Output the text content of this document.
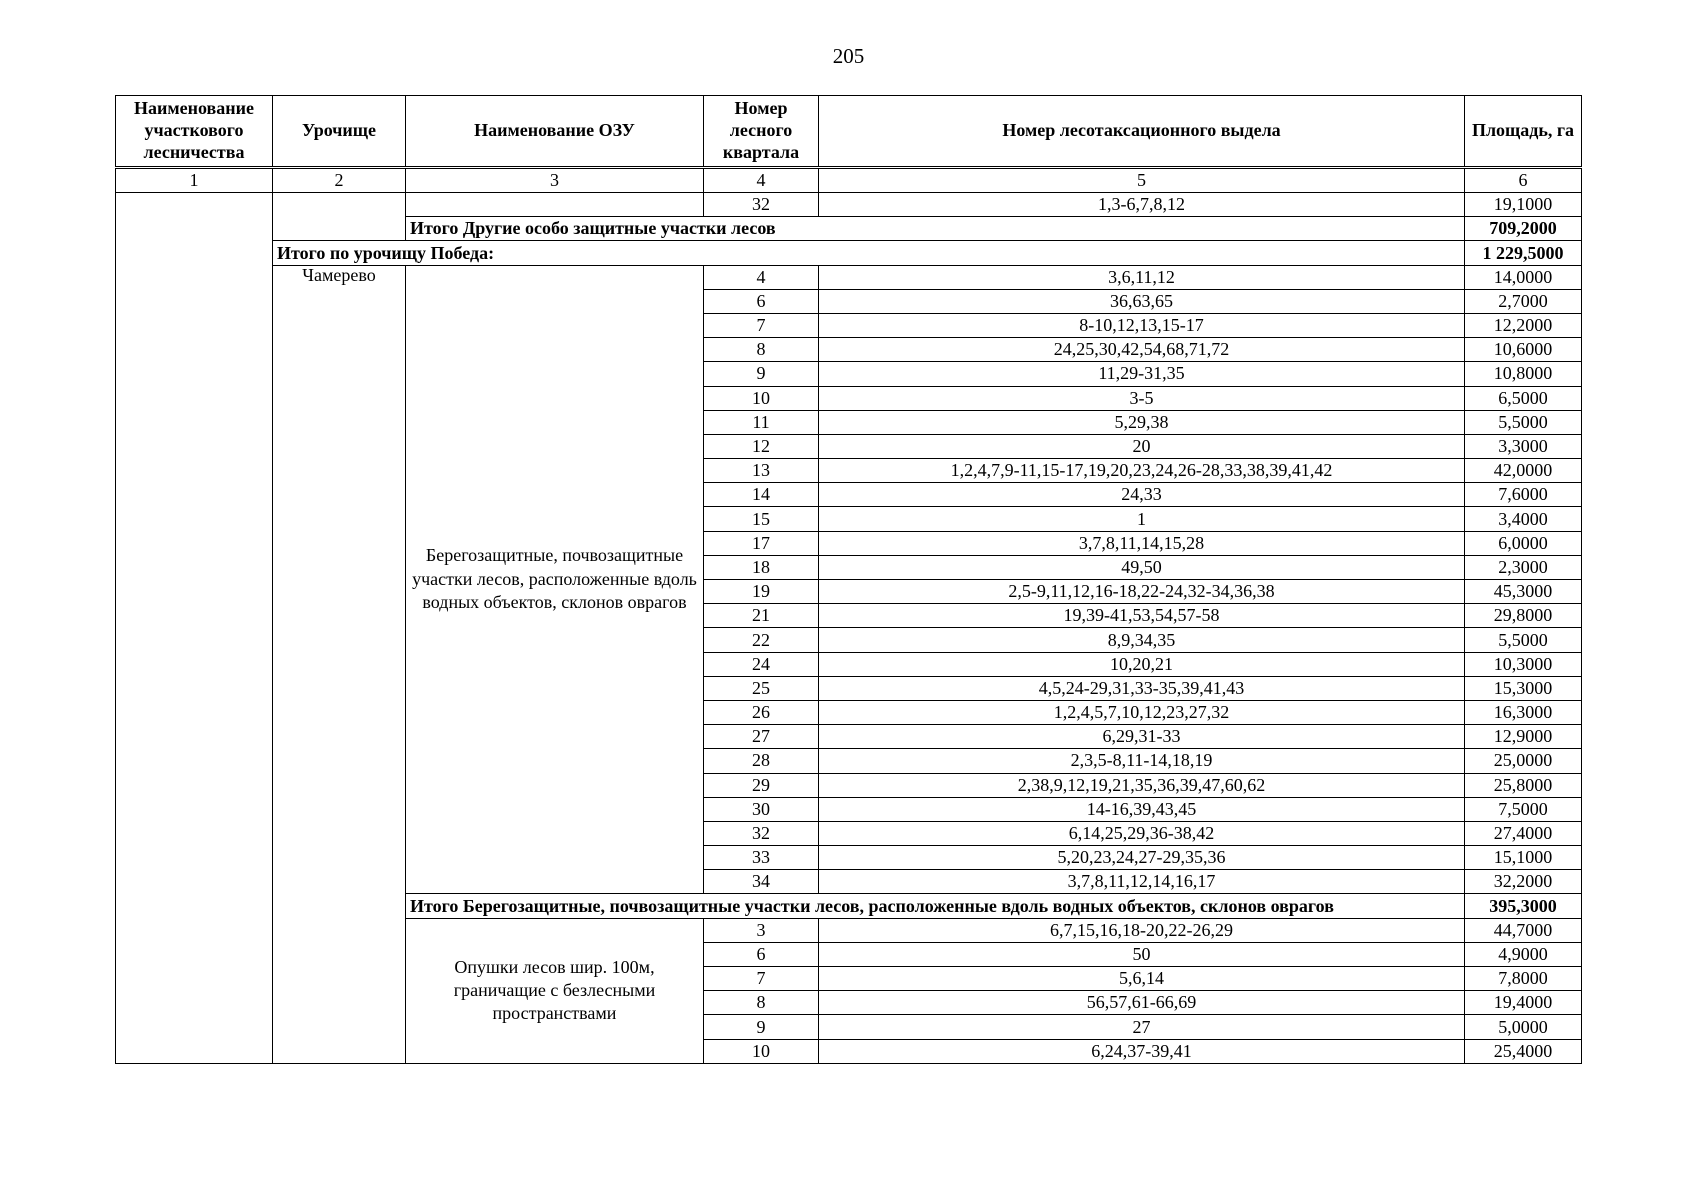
205
Наименование участкового лесничества	Урочище	Наименование ОЗУ	Номер лесного квартала	Номер лесотаксационного выдела	Площадь, га
1	2	3	4	5	6
			32	1,3-6,7,8,12	19,1000
		Итого Другие особо защитные участки лесов			709,2000
	Итого по урочищу Победа:				1 229,5000
	Чамерево	Берегозащитные, почвозащитные участки лесов, расположенные вдоль водных объектов, склонов оврагов	4	3,6,11,12	14,0000
			6	36,63,65	2,7000
			7	8-10,12,13,15-17	12,2000
			8	24,25,30,42,54,68,71,72	10,6000
			9	11,29-31,35	10,8000
			10	3-5	6,5000
			11	5,29,38	5,5000
			12	20	3,3000
			13	1,2,4,7,9-11,15-17,19,20,23,24,26-28,33,38,39,41,42	42,0000
			14	24,33	7,6000
			15	1	3,4000
			17	3,7,8,11,14,15,28	6,0000
			18	49,50	2,3000
			19	2,5-9,11,12,16-18,22-24,32-34,36,38	45,3000
			21	19,39-41,53,54,57-58	29,8000
			22	8,9,34,35	5,5000
			24	10,20,21	10,3000
			25	4,5,24-29,31,33-35,39,41,43	15,3000
			26	1,2,4,5,7,10,12,23,27,32	16,3000
			27	6,29,31-33	12,9000
			28	2,3,5-8,11-14,18,19	25,0000
			29	2,38,9,12,19,21,35,36,39,47,60,62	25,8000
			30	14-16,39,43,45	7,5000
			32	6,14,25,29,36-38,42	27,4000
			33	5,20,23,24,27-29,35,36	15,1000
			34	3,7,8,11,12,14,16,17	32,2000
		Итого Берегозащитные, почвозащитные участки лесов, расположенные вдоль водных объектов, склонов оврагов			395,3000
		Опушки лесов шир. 100м, граничащие с безлесными пространствами	3	6,7,15,16,18-20,22-26,29	44,7000
			6	50	4,9000
			7	5,6,14	7,8000
			8	56,57,61-66,69	19,4000
			9	27	5,0000
			10	6,24,37-39,41	25,4000
